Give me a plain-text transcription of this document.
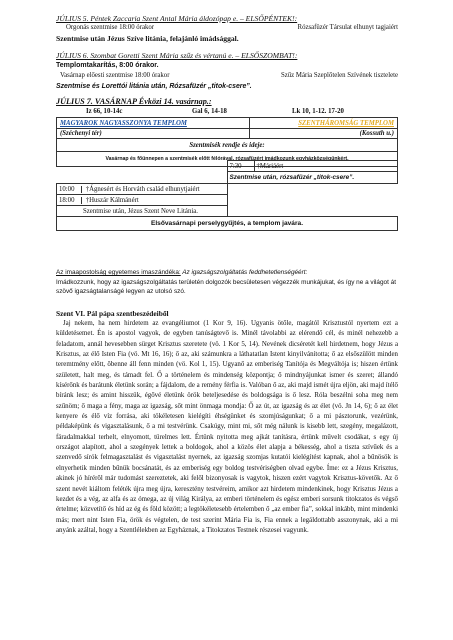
JÚLIUS 5. Péntek Zaccaria Szent Antal Mária áldozópap e. – ELSŐPÉNTEK!:
Orgonás szentmise 18:00 órakor	Rózsafüzér Társulat elhunyt tagjaiért
Szentmise után Jézus Szíve litánia, felajánló imádsággal.
JÚLIUS 6. Szombat Goretti Szent Mária szűz és vértanú e. – ELSŐSZOMBAT!:
Templomtakarítás, 8:00 órakor.
Vasárnap előesti szentmise 18:00 órakor	Szűz Mária Szeplőtelen Szívének tisztelete
Szentmise és Lorettói litánia után, Rózsafüzér „titok-csere”.
JÚLIUS 7. VASÁRNAP Évközi 14. vasárnap.:
Iz 66, 10-14c	Gal 6, 14-18	Lk 10, 1-12. 17-20
MAGYAROK NAGYASSZONYA TEMPLOM	SZENTHÁROMSÁG TEMPLOM
(Széchenyi tér)	(Kossuth u.)
Szentmisék rendje és ideje:	
Vasárnap és főünnepen a szentmisék előtt félórával, rózsafüzért imádkozunk egyházközségünkért.	
	7:30	†Máriáért
	Szentmise után, rózsafüzér „titok-csere”.	
10:00 †Ágnesért és Horváth család elhunytjaiért		
18:00 †Huszár Kálmánért		
Szentmise után, Jézus Szent Neve Litánia.		
Elsővasárnapi perselygyűjtés, a templom javára.		
Az imaapostolság egyetemes imaszándéka: Az igazságszolgáltatás feddhetetlenségéért:
Imádkozzunk, hogy az igazságszolgáltatás területén dolgozók becsületesen végezzék munkájukat, és így ne a világot át szövő igazságtalanságé legyen az utolsó szó.
Szent VI. Pál pápa szentbeszédeiből

Jaj nekem, ha nem hirdetem az evangéliumot (1 Kor 9, 16). Ugyanis ötőle, magától Krisztustól nyertem ezt a küldetésemet. Én is apostol vagyok, de egyben tanúságtevő is. Minél távolabbi az elérendő cél, és minél nehezebb a feladatom, annál hevesebben sürget Krisztus szeretete (vö. 1 Kor 5, 14). Nevének dicséretét kell hirdetnem, hogy Jézus a Krisztus, az élő Isten Fia (vö. Mt 16, 16); ő az, aki számunkra a láthatatlan Istent kinyilvánította; ő az elsőszülött minden teremtmény előtt, ôbenne áll fenn minden (vö. Kol 1, 15). Ugyanő az emberiség Tanítója és Megváltója is; hiszen értünk született, halt meg, és támadt fel. Ő a történelem és mindenség központja; ő mindnyájunkat ismer és szeret; állandó kísérőnk és barátunk életünk során; a fájdalom, de a remény férfia is. Valóban ő az, aki majd ismét újra eljön, aki majd ítélő bíránk lesz; és amint hisszük, égővé életünk örök beteljesedése és boldogsága is ő lesz. Róla beszélni soha meg nem szűnöm; ő maga a fény, maga az igazság, sőt mint önmaga mondja: Ő az út, az igazság és az élet (vö. Jn 14, 6); ő az élet kenyere és élő víz forrása, aki tökéletesen kielégíti éhségünket és szomjúságunkat; ő a mi pásztorunk, vezérünk, példaképünk és vigasztalásunk, ő a mi testvérünk. Csakúgy, mint mi, sőt még nálunk is kisebb lett, szegény, megalázott, fáradalmakkal terhelt, elnyomott, türelmes lett. Értünk nyitotta meg ajkát tanításra, értünk művelt csodákat, s egy új országot alapított, ahol a szegények lettek a boldogok, ahol a közös élet alapja a békesség, ahol a tiszta szívűek és a szenvedő sírók felmagasztalást és vigasztalást nyernek, az igazság szomjas kutatói kielégítést kapnak, ahol a bűnösök is elnyerhetik minden bűnük bocsánatát, és az emberiség egy boldog testvériségben olvad egybe. Íme: ez a Jézus Krisztus, akinek jó hírérôl már tudomást szereztetek, aki felől bizonyosak is vagytok, hiszen ezért vagytok Krisztus-követők. Az ő szent nevét kiáltom feléték újra meg újra, keresztény testvéreim, amikor azt hirdetem mindenkinek, hogy Krisztus Jézus a kezdet és a vég, az alfa és az ómega, az új világ Királya, az emberi történelem és egész emberi sorsunk titokzatos és végső értelme; közvetítő és híd az ég és föld között; a legtökéletesebb értelemben ő „az ember fia”, sokkal inkább, mint mindenki más; mert nint Isten Fia, örök és végtelen, de test szerint Mária Fia is, Fia ennek a legáldottabb asszonynak, aki a mi anyánk azáltal, hogy a Szentlélekben az Egyháznak, a Titokzatos Testnek részesei vagyunk.
